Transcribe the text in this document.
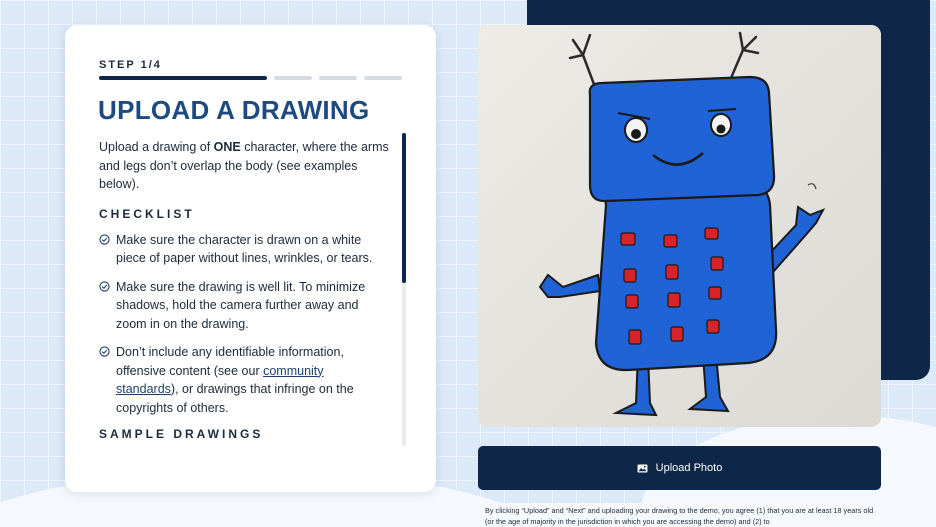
STEP 1/4
UPLOAD A DRAWING

Upload a drawing of ONE character, where the arms and legs don’t overlap the body (see examples below).

CHECKLIST
Make sure the character is drawn on a white piece of paper without lines, wrinkles, or tears.
Make sure the drawing is well lit. To minimize shadows, hold the camera further away and zoom in on the drawing.
Don’t include any identifiable information, offensive content (see our community standards), or drawings that infringe on the copyrights of others.
SAMPLE DRAWINGS
Upload Photo
By clicking “Upload” and “Next” and uploading your drawing to the demo, you agree (1) that you are at least 18 years old (or the age of majority in the jurisdiction in which you are accessing the demo) and (2) to
